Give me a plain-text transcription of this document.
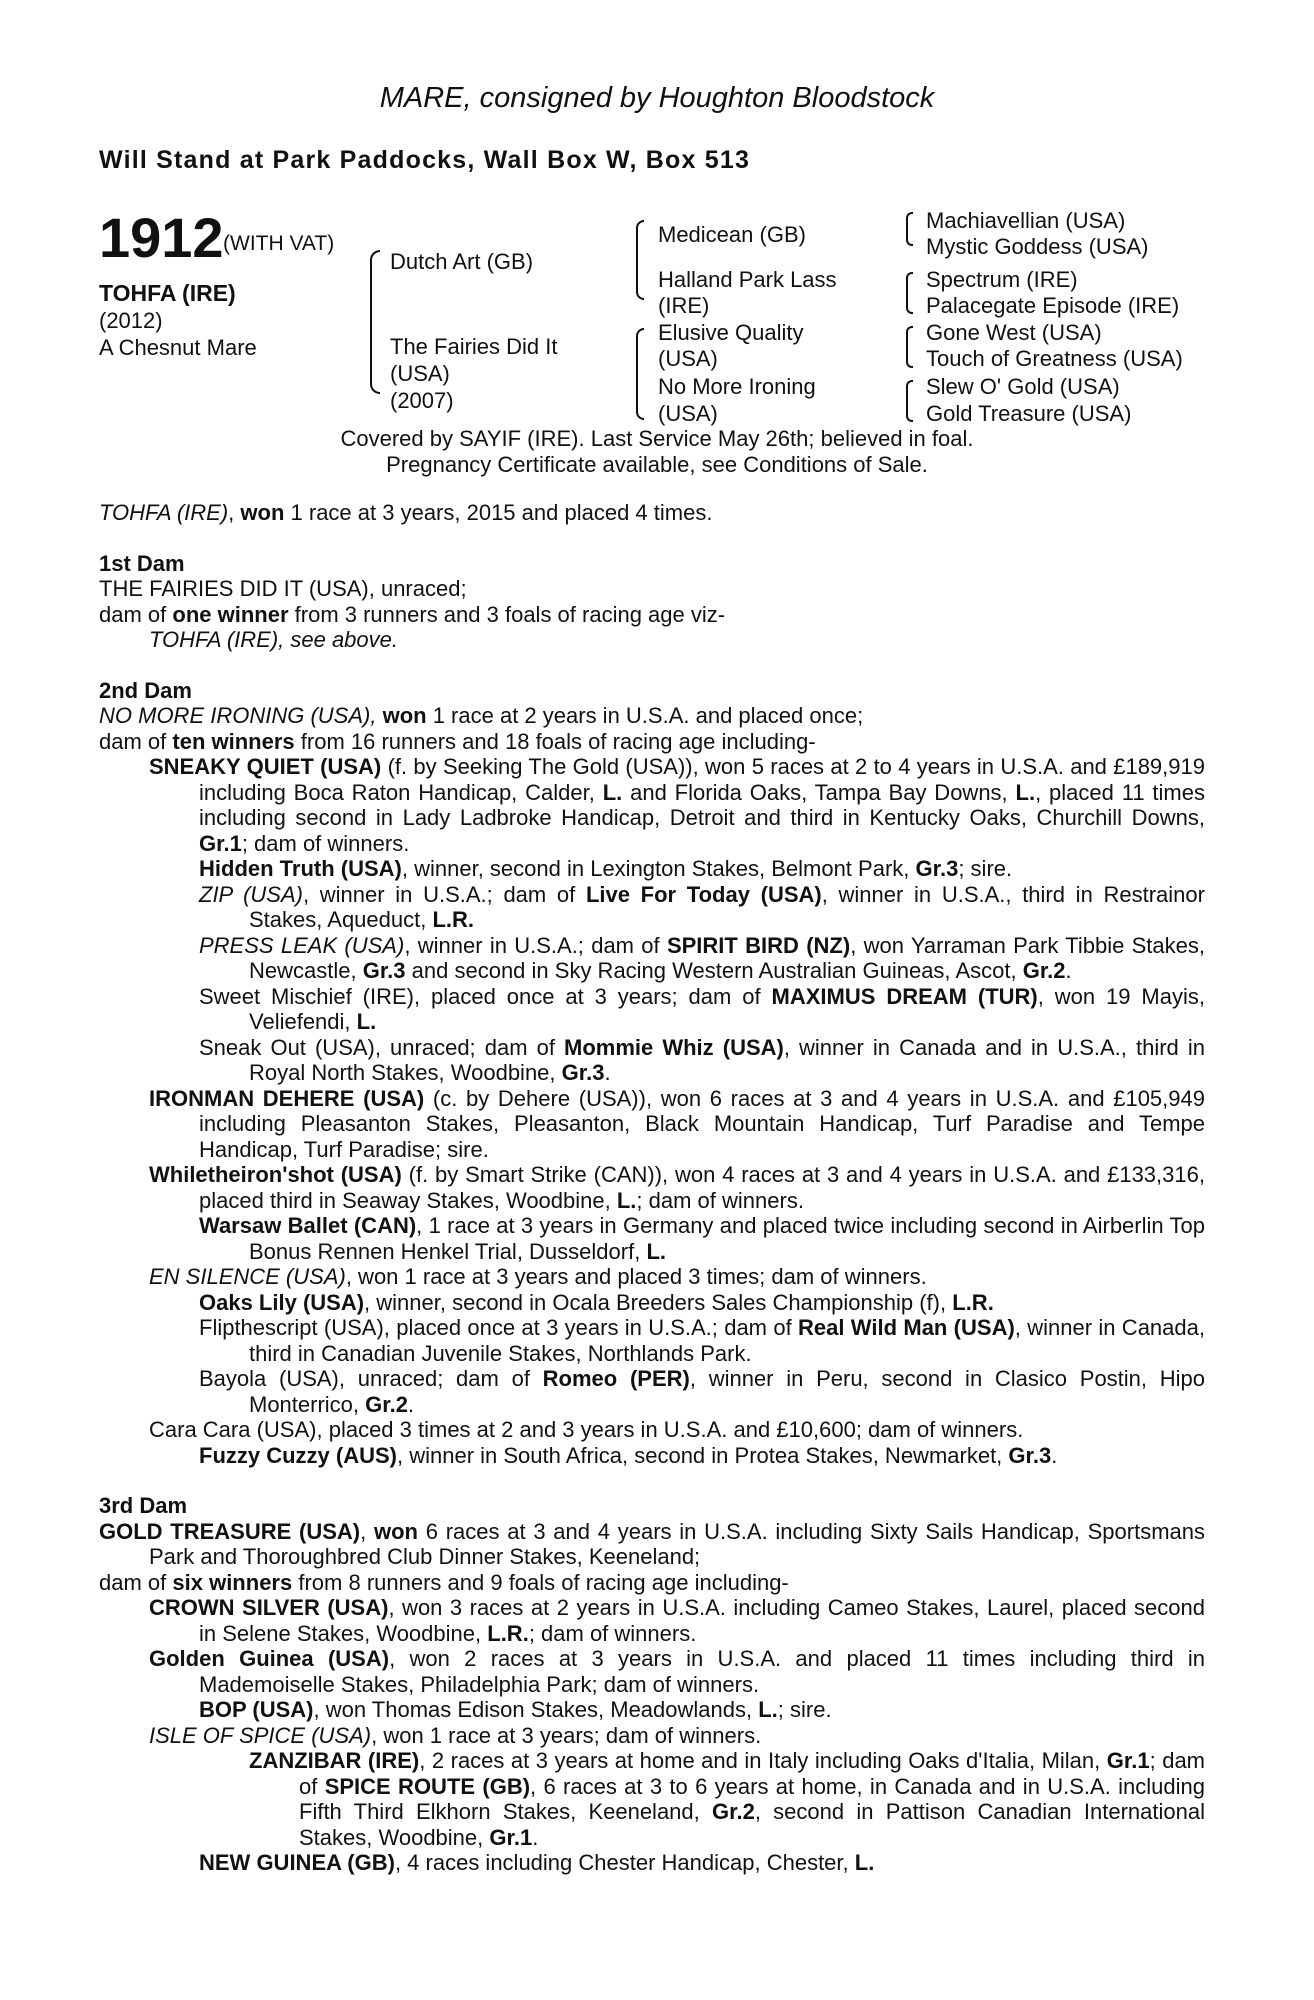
MARE, consigned by Houghton Bloodstock
Will Stand at Park Paddocks, Wall Box W, Box 513
1912 (WITH VAT)
TOHFA (IRE)
(2012)
A Chesnut Mare
Dutch Art (GB)
The Fairies Did It
(USA)
(2007)
Medicean (GB)
Halland Park Lass
(IRE)
Elusive Quality
(USA)
No More Ironing
(USA)
Machiavellian (USA)
Mystic Goddess (USA)
Spectrum (IRE)
Palacegate Episode (IRE)
Gone West (USA)
Touch of Greatness (USA)
Slew O' Gold (USA)
Gold Treasure (USA)
Covered by SAYIF (IRE). Last Service May 26th; believed in foal.
Pregnancy Certificate available, see Conditions of Sale.
TOHFA (IRE), won 1 race at 3 years, 2015 and placed 4 times.
1st Dam
THE FAIRIES DID IT (USA), unraced;
dam of one winner from 3 runners and 3 foals of racing age viz-
TOHFA (IRE), see above.
2nd Dam
NO MORE IRONING (USA), won 1 race at 2 years in U.S.A. and placed once;
dam of ten winners from 16 runners and 18 foals of racing age including-
SNEAKY QUIET (USA) (f. by Seeking The Gold (USA)), won 5 races at 2 to 4 years in U.S.A. and £189,919 including Boca Raton Handicap, Calder, L. and Florida Oaks, Tampa Bay Downs, L., placed 11 times including second in Lady Ladbroke Handicap, Detroit and third in Kentucky Oaks, Churchill Downs, Gr.1; dam of winners.
Hidden Truth (USA), winner, second in Lexington Stakes, Belmont Park, Gr.3; sire.
ZIP (USA), winner in U.S.A.; dam of Live For Today (USA), winner in U.S.A., third in Restrainor Stakes, Aqueduct, L.R.
PRESS LEAK (USA), winner in U.S.A.; dam of SPIRIT BIRD (NZ), won Yarraman Park Tibbie Stakes, Newcastle, Gr.3 and second in Sky Racing Western Australian Guineas, Ascot, Gr.2.
Sweet Mischief (IRE), placed once at 3 years; dam of MAXIMUS DREAM (TUR), won 19 Mayis, Veliefendi, L.
Sneak Out (USA), unraced; dam of Mommie Whiz (USA), winner in Canada and in U.S.A., third in Royal North Stakes, Woodbine, Gr.3.
IRONMAN DEHERE (USA) (c. by Dehere (USA)), won 6 races at 3 and 4 years in U.S.A. and £105,949 including Pleasanton Stakes, Pleasanton, Black Mountain Handicap, Turf Paradise and Tempe Handicap, Turf Paradise; sire.
Whiletheiron'shot (USA) (f. by Smart Strike (CAN)), won 4 races at 3 and 4 years in U.S.A. and £133,316, placed third in Seaway Stakes, Woodbine, L.; dam of winners.
Warsaw Ballet (CAN), 1 race at 3 years in Germany and placed twice including second in Airberlin Top Bonus Rennen Henkel Trial, Dusseldorf, L.
EN SILENCE (USA), won 1 race at 3 years and placed 3 times; dam of winners.
Oaks Lily (USA), winner, second in Ocala Breeders Sales Championship (f), L.R.
Flipthescript (USA), placed once at 3 years in U.S.A.; dam of Real Wild Man (USA), winner in Canada, third in Canadian Juvenile Stakes, Northlands Park.
Bayola (USA), unraced; dam of Romeo (PER), winner in Peru, second in Clasico Postin, Hipo Monterrico, Gr.2.
Cara Cara (USA), placed 3 times at 2 and 3 years in U.S.A. and £10,600; dam of winners.
Fuzzy Cuzzy (AUS), winner in South Africa, second in Protea Stakes, Newmarket, Gr.3.
3rd Dam
GOLD TREASURE (USA), won 6 races at 3 and 4 years in U.S.A. including Sixty Sails Handicap, Sportsmans Park and Thoroughbred Club Dinner Stakes, Keeneland;
dam of six winners from 8 runners and 9 foals of racing age including-
CROWN SILVER (USA), won 3 races at 2 years in U.S.A. including Cameo Stakes, Laurel, placed second in Selene Stakes, Woodbine, L.R.; dam of winners.
Golden Guinea (USA), won 2 races at 3 years in U.S.A. and placed 11 times including third in Mademoiselle Stakes, Philadelphia Park; dam of winners.
BOP (USA), won Thomas Edison Stakes, Meadowlands, L.; sire.
ISLE OF SPICE (USA), won 1 race at 3 years; dam of winners.
ZANZIBAR (IRE), 2 races at 3 years at home and in Italy including Oaks d'Italia, Milan, Gr.1; dam of SPICE ROUTE (GB), 6 races at 3 to 6 years at home, in Canada and in U.S.A. including Fifth Third Elkhorn Stakes, Keeneland, Gr.2, second in Pattison Canadian International Stakes, Woodbine, Gr.1.
NEW GUINEA (GB), 4 races including Chester Handicap, Chester, L.
